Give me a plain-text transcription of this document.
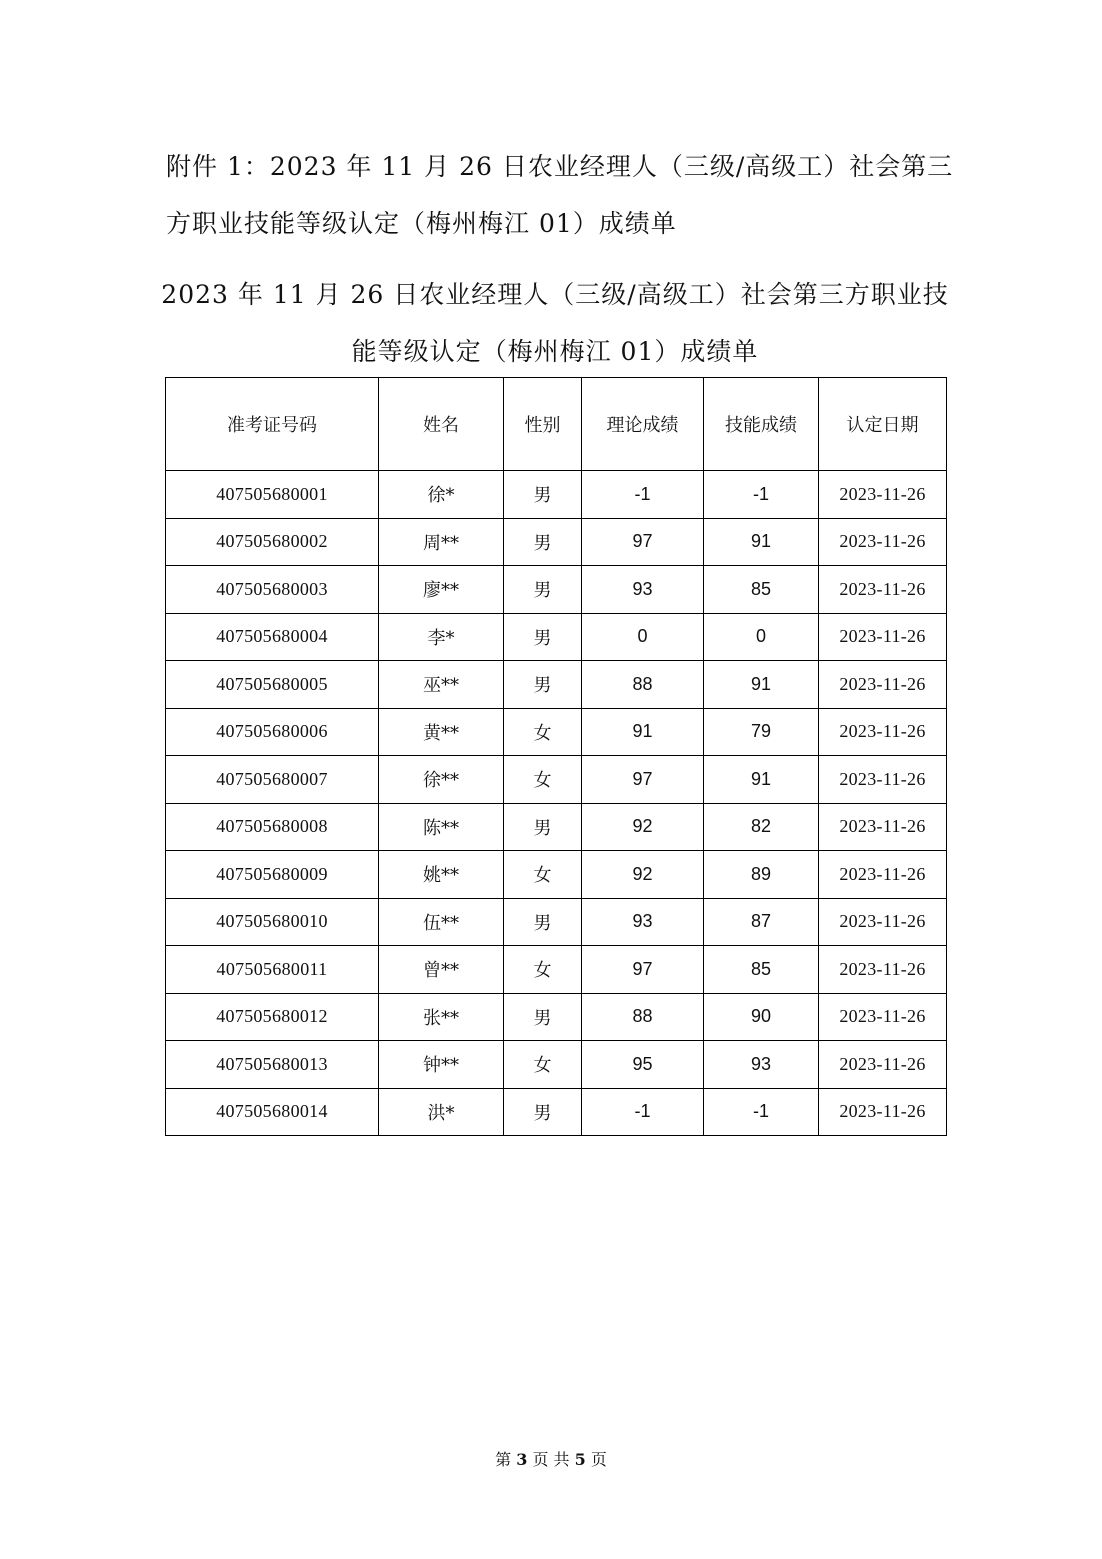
附件 1：2023 年 11 月 26 日农业经理人（三级/高级工）社会第三方职业技能等级认定（梅州梅江 01）成绩单
2023 年 11 月 26 日农业经理人（三级/高级工）社会第三方职业技能等级认定（梅州梅江 01）成绩单
准考证号码	姓名	性别	理论成绩	技能成绩	认定日期
407505680001	徐*	男	-1	-1	2023-11-26
407505680002	周**	男	97	91	2023-11-26
407505680003	廖**	男	93	85	2023-11-26
407505680004	李*	男	0	0	2023-11-26
407505680005	巫**	男	88	91	2023-11-26
407505680006	黄**	女	91	79	2023-11-26
407505680007	徐**	女	97	91	2023-11-26
407505680008	陈**	男	92	82	2023-11-26
407505680009	姚**	女	92	89	2023-11-26
407505680010	伍**	男	93	87	2023-11-26
407505680011	曾**	女	97	85	2023-11-26
407505680012	张**	男	88	90	2023-11-26
407505680013	钟**	女	95	93	2023-11-26
407505680014	洪*	男	-1	-1	2023-11-26
第 3 页 共 5 页
